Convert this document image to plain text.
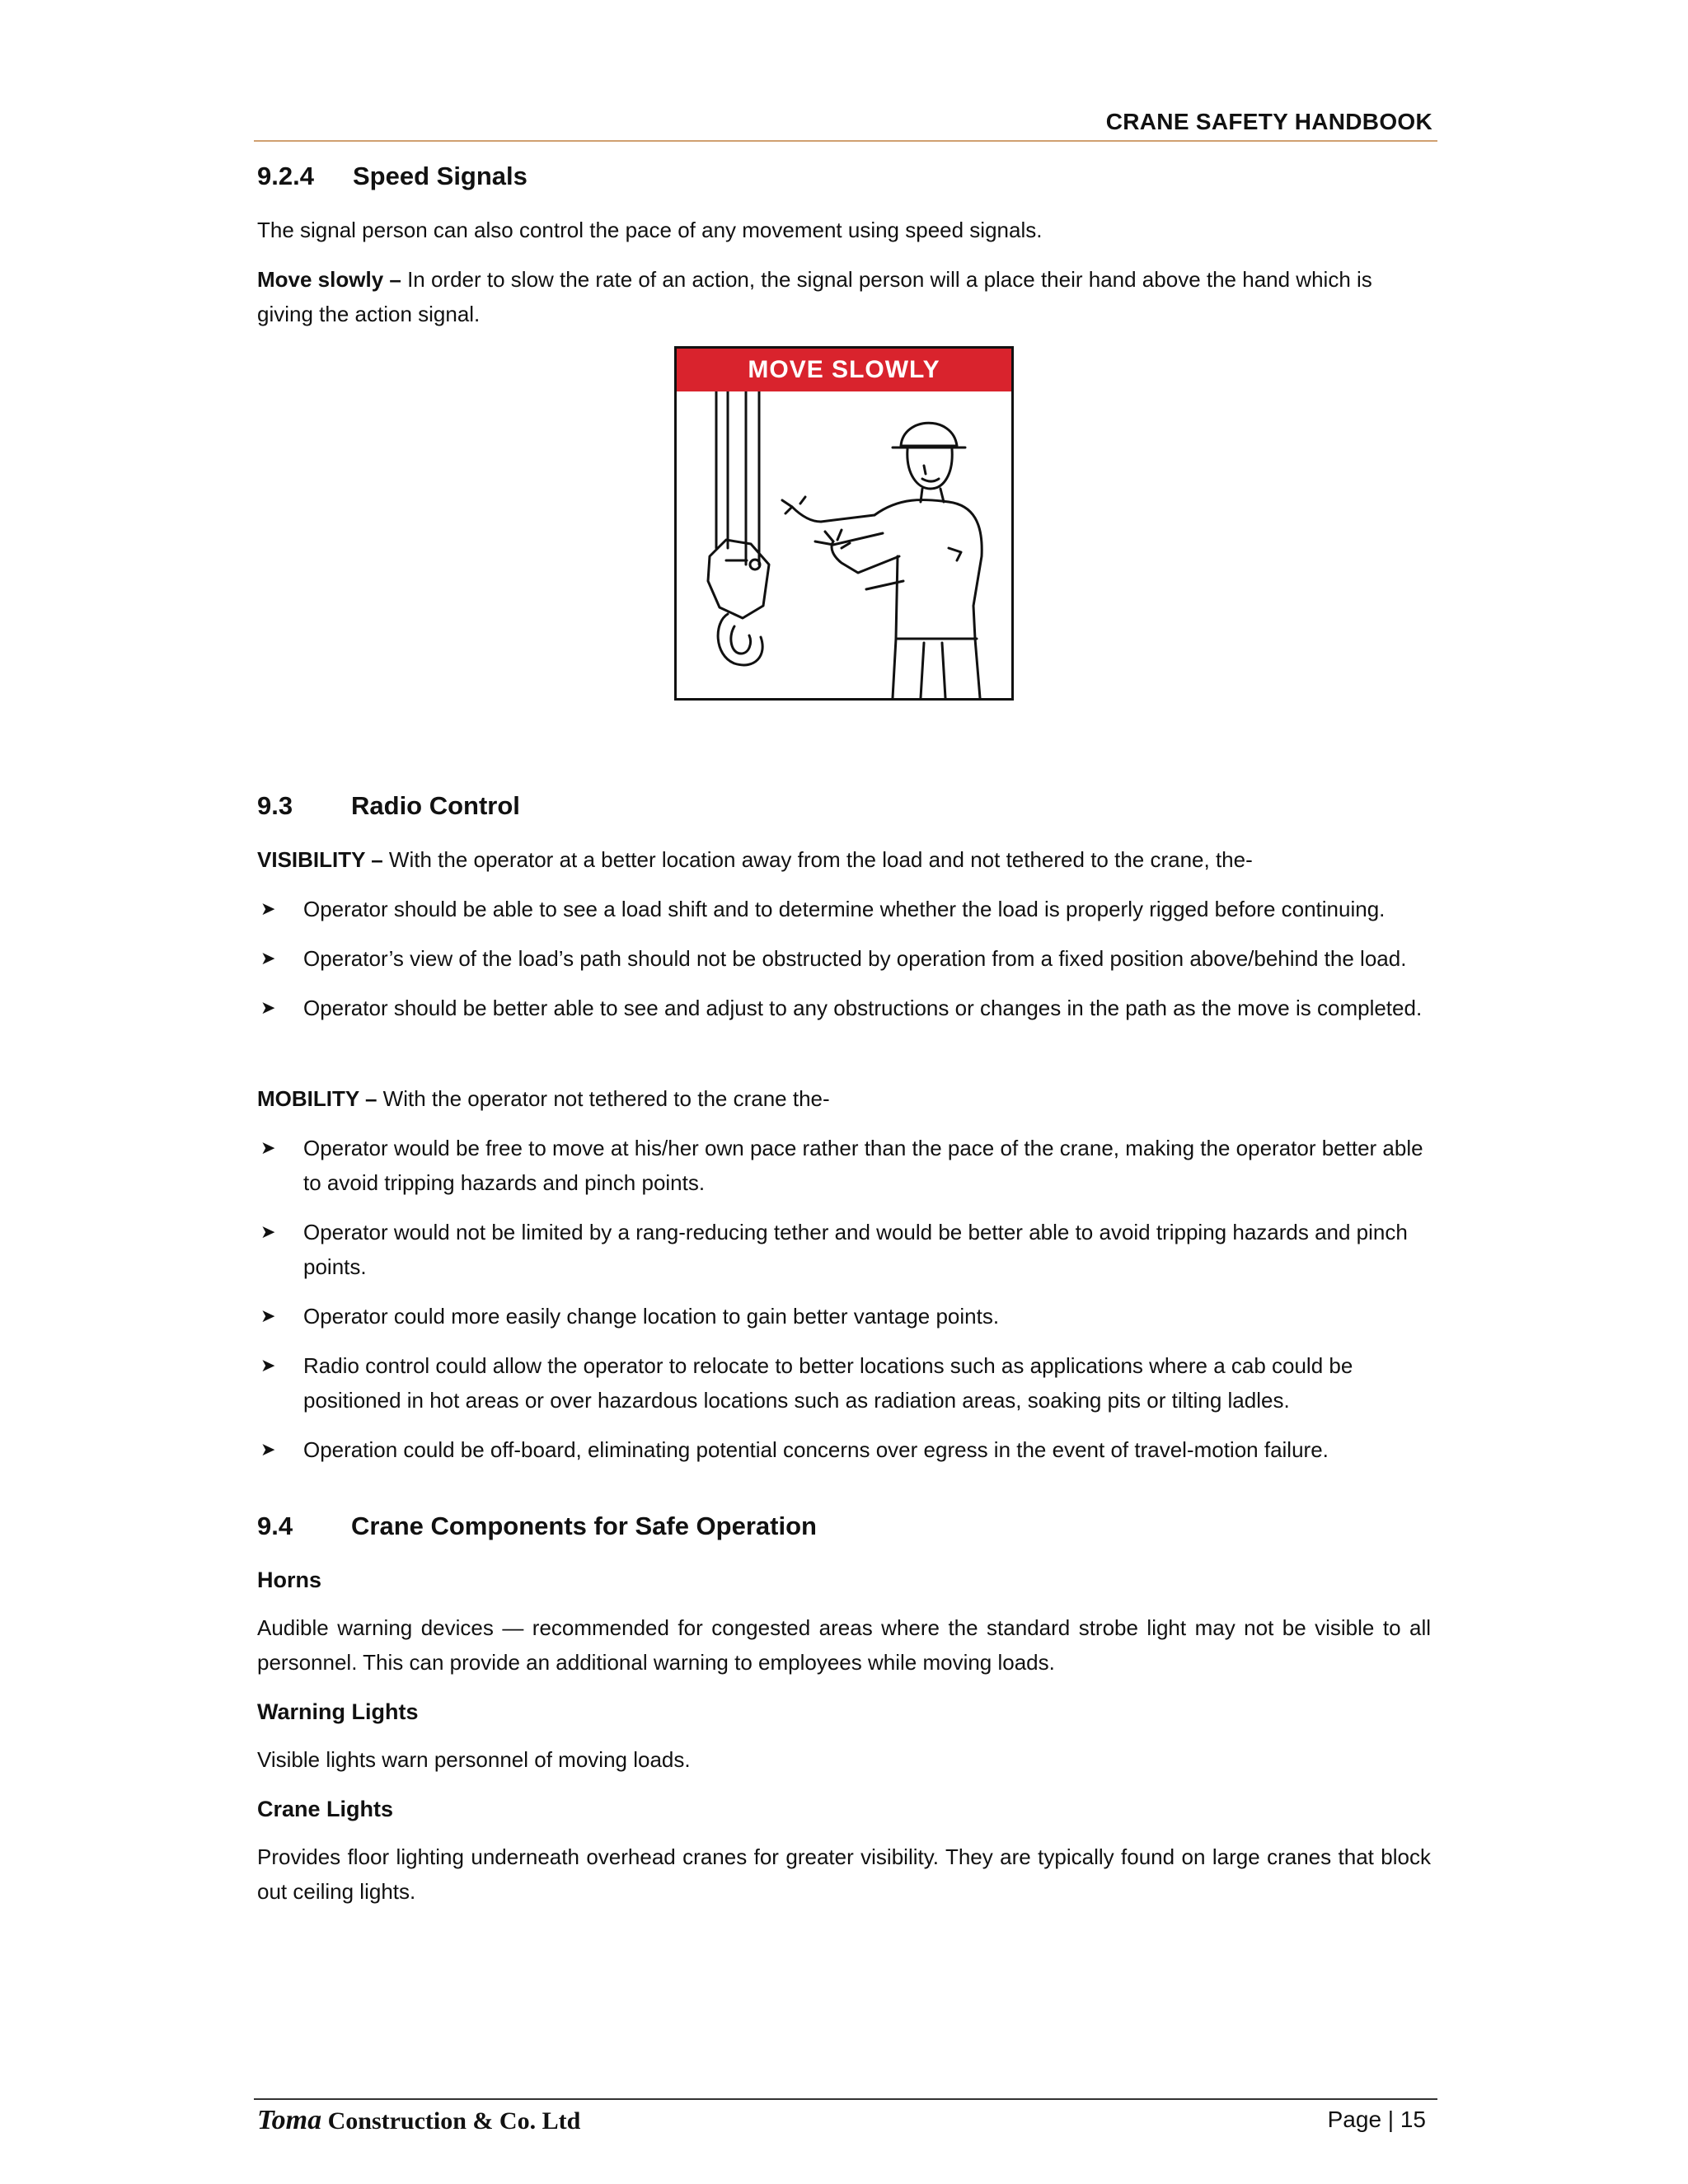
CRANE SAFETY HANDBOOK
9.2.4	Speed Signals

The signal person can also control the pace of any movement using speed signals.

Move slowly – In order to slow the rate of an action, the signal person will a place their hand above the hand which is giving the action signal.

MOVE SLOWLY
9.3	Radio Control

VISIBILITY – With the operator at a better location away from the load and not tethered to the crane, the-

➤ Operator should be able to see a load shift and to determine whether the load is properly rigged before continuing.
➤ Operator’s view of the load’s path should not be obstructed by operation from a fixed position above/behind the load.
➤ Operator should be better able to see and adjust to any obstructions or changes in the path as the move is completed.

MOBILITY – With the operator not tethered to the crane the-

➤ Operator would be free to move at his/her own pace rather than the pace of the crane, making the operator better able to avoid tripping hazards and pinch points.
➤ Operator would not be limited by a rang-reducing tether and would be better able to avoid tripping hazards and pinch points.
➤ Operator could more easily change location to gain better vantage points.
➤ Radio control could allow the operator to relocate to better locations such as applications where a cab could be positioned in hot areas or over hazardous locations such as radiation areas, soaking pits or tilting ladles.
➤ Operation could be off-board, eliminating potential concerns over egress in the event of travel-motion failure.
9.4	Crane Components for Safe Operation
Horns

Audible warning devices — recommended for congested areas where the standard strobe light may not be visible to all personnel. This can provide an additional warning to employees while moving loads.

Warning Lights

Visible lights warn personnel of moving loads.

Crane Lights

Provides floor lighting underneath overhead cranes for greater visibility. They are typically found on large cranes that block out ceiling lights.

Toma Construction & Co. Ltd	Page | 15
